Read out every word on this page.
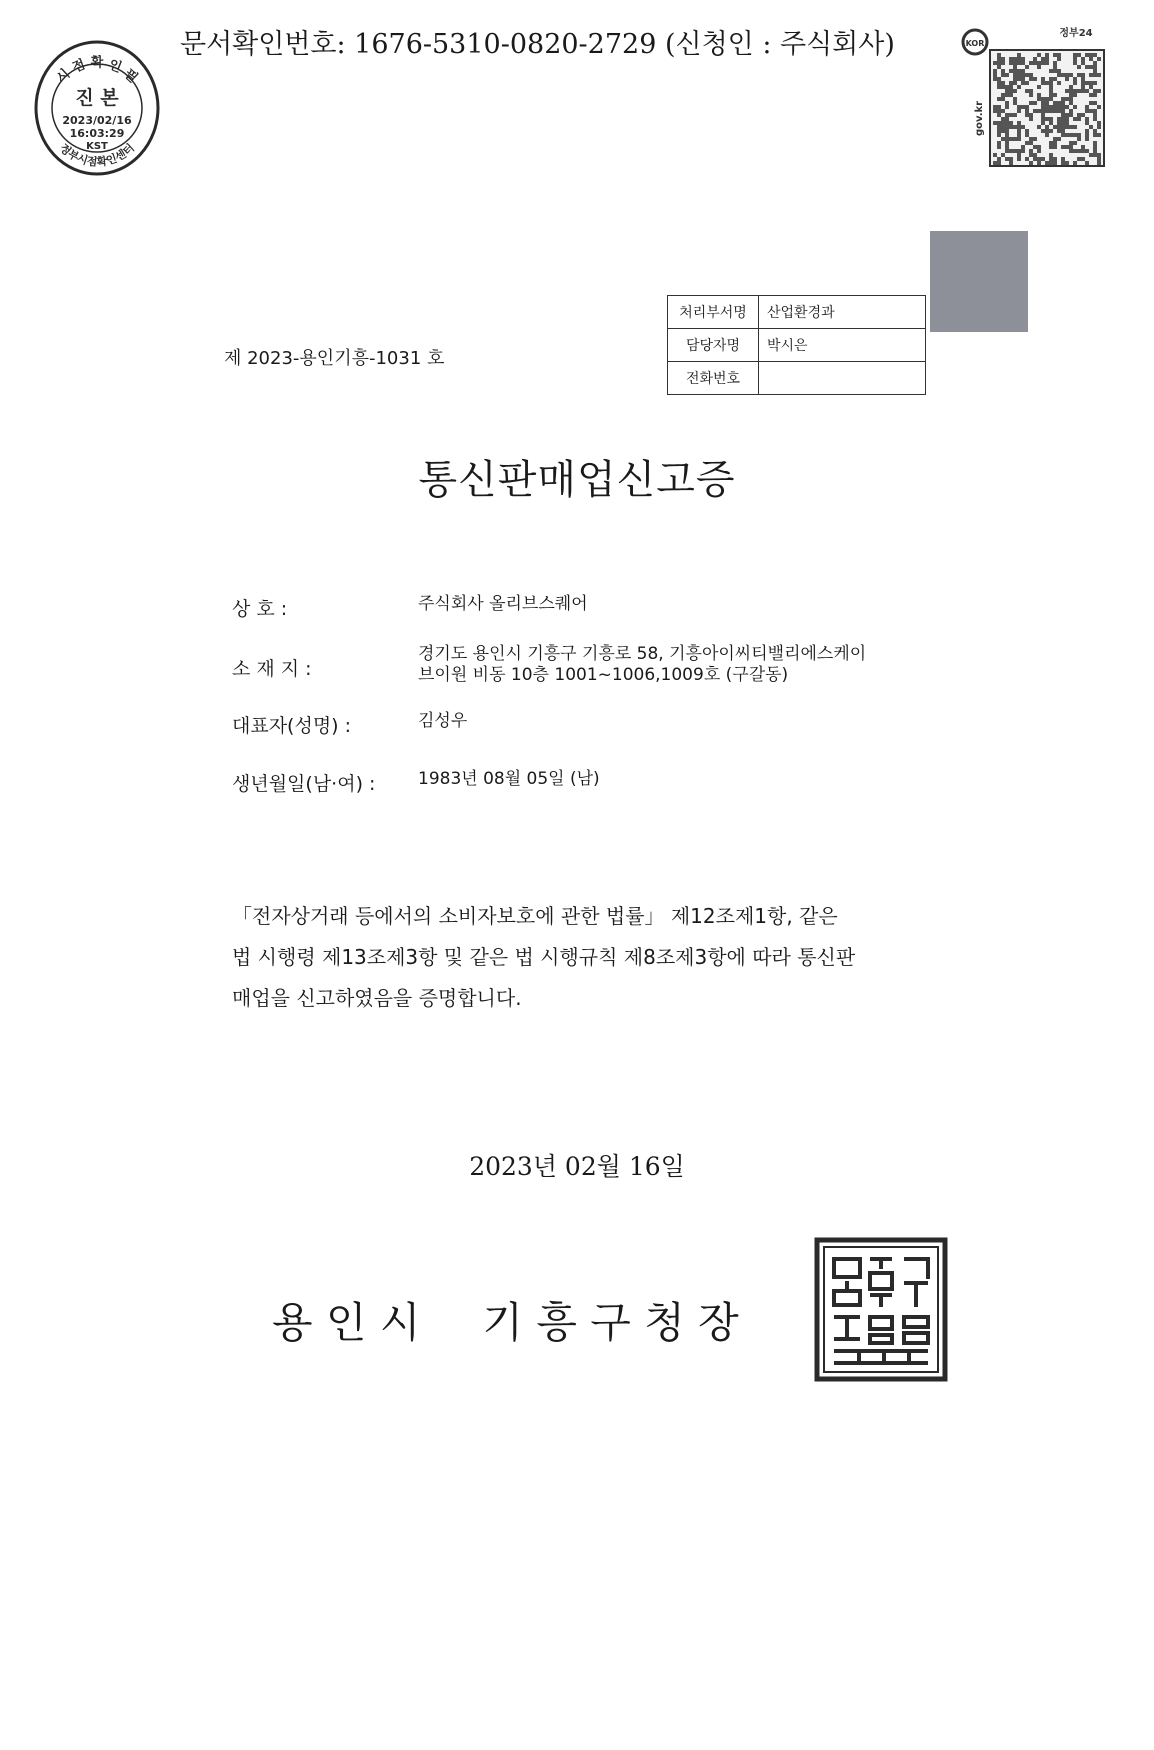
문서확인번호: 1676-5310-0820-2729 (신청인 : 주식회사)
시 점 확 인 필
진 본
2023/02/16
16:03:29
KST
정부시점확인센터
KOR
정부24
gov.kr
처리부서명	산업환경과
담당자명	박시은
전화번호	
제 2023-용인기흥-1031 호
통신판매업신고증
상 호 :	주식회사 올리브스퀘어
소 재 지 :경기도 용인시 기흥구 기흥로 58, 기흥아이씨티밸리에스케이
브이원 비동 10층 1001~1006,1009호 (구갈동)
대표자(성명) :	김성우
생년월일(남·여) :	1983년 08월 05일 (남)
「전자상거래 등에서의 소비자보호에 관한 법률」 제12조제1항, 같은
법 시행령 제13조제3항 및 같은 법 시행규칙 제8조제3항에 따라 통신판
매업을 신고하였음을 증명합니다.
2023년 02월 16일
용 인 시 기 흥 구 청 장
